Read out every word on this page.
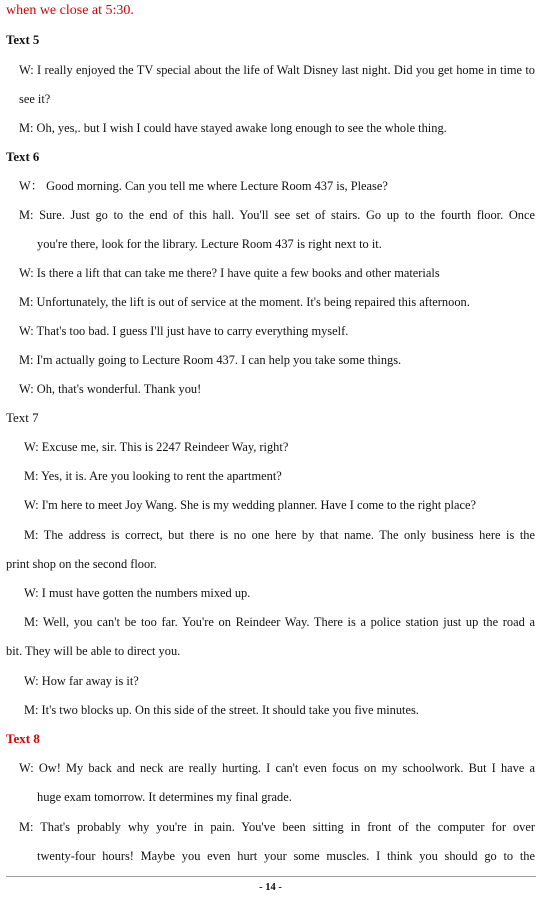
when we close at 5:30.
Text 5
W: I really enjoyed the TV special about the life of Walt Disney last night. Did you get home in time to
see it?
M: Oh, yes,. but I wish I could have stayed awake long enough to see the whole thing.
Text 6
W： Good morning. Can you tell me where Lecture Room 437 is, Please?
M: Sure. Just go to the end of this hall. You'll see set of stairs. Go up to the fourth floor. Once
you're there, look for the library. Lecture Room 437 is right next to it.
W: Is there a lift that can take me there? I have quite a few books and other materials
M: Unfortunately, the lift is out of service at the moment. It's being repaired this afternoon.
W: That's too bad. I guess I'll just have to carry everything myself.
M: I'm actually going to Lecture Room 437. I can help you take some things.
W: Oh, that's wonderful. Thank you!
Text 7
W: Excuse me, sir. This is 2247 Reindeer Way, right?
M: Yes, it is. Are you looking to rent the apartment?
W: I'm here to meet Joy Wang. She is my wedding planner. Have I come to the right place?
M: The address is correct, but there is no one here by that name. The only business here is the
print shop on the second floor.
W: I must have gotten the numbers mixed up.
M: Well, you can't be too far. You're on Reindeer Way. There is a police station just up the road a
bit. They will be able to direct you.
W: How far away is it?
M: It's two blocks up. On this side of the street. It should take you five minutes.
Text 8
W: Ow! My back and neck are really hurting. I can't even focus on my schoolwork. But I have a
huge exam tomorrow. It determines my final grade.
M: That's probably why you're in pain. You've been sitting in front of the computer for over
twenty-four hours! Maybe you even hurt your some muscles. I think you should go to the
- 14 -
